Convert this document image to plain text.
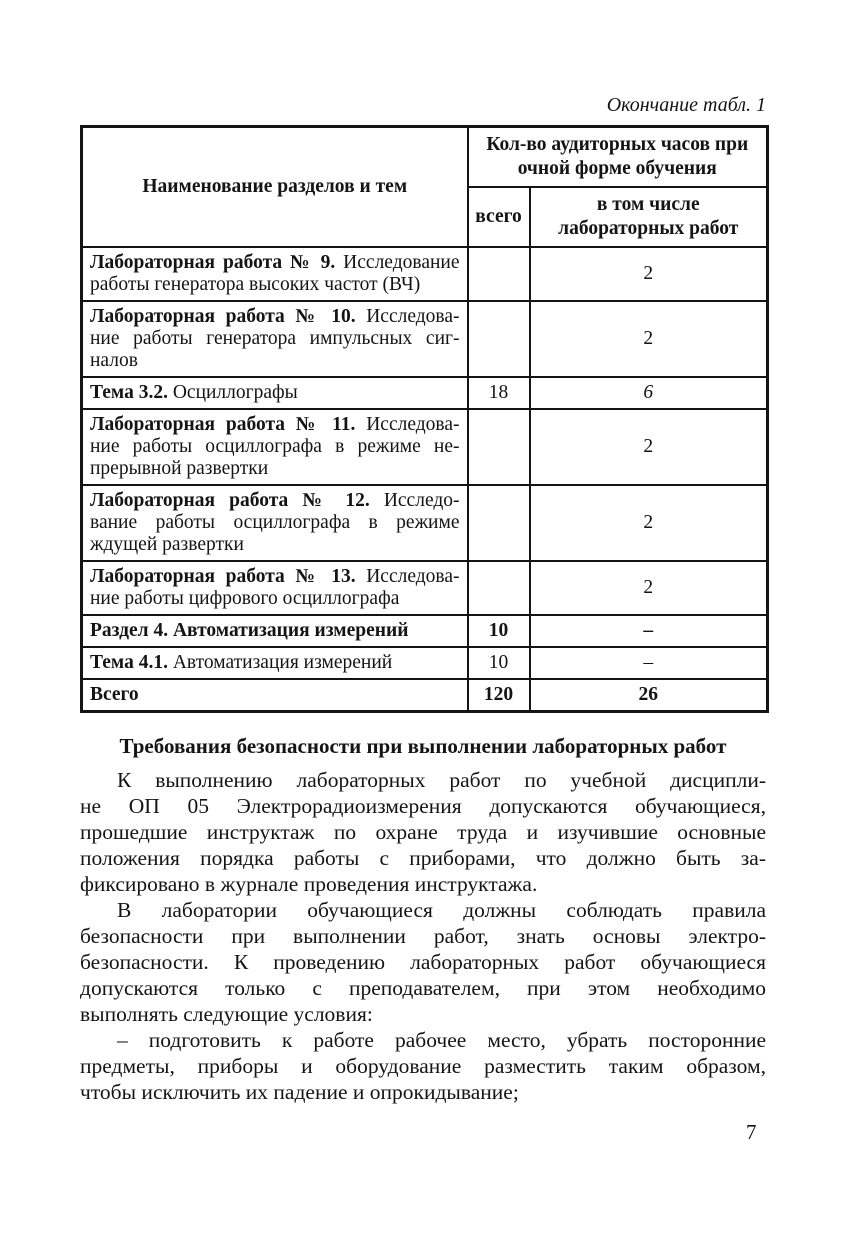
Окончание табл. 1
Наименование разделов и тем	Кол-во аудиторных часов при
очной форме обучения	

	всего	в том числе
лабораторных работ

Лабораторная работа № 9. Исследование
работы генератора высоких частот (ВЧ)		2

Лабораторная работа № 10. Исследова-
ние работы генератора импульсных сиг-
налов		2

Тема 3.2. Осциллографы	18	6

Лабораторная работа № 11. Исследова-
ние работы осциллографа в режиме не-
прерывной развертки		2

Лабораторная работа № 12. Исследо-
вание работы осциллографа в режиме
ждущей развертки		2

Лабораторная работа № 13. Исследова-
ние работы цифрового осциллографа		2

Раздел 4. Автоматизация измерений	10	–

Тема 4.1. Автоматизация измерений	10	–

Всего	120	26
Требования безопасности при выполнении лабораторных работ
К выполнению лабораторных работ по учебной дисципли-
не ОП 05 Электрорадиоизмерения допускаются обучающиеся,
прошедшие инструктаж по охране труда и изучившие основные
положения порядка работы с приборами, что должно быть за-
фиксировано в журнале проведения инструктажа.
В лаборатории обучающиеся должны соблюдать правила
безопасности при выполнении работ, знать основы электро-
безопасности. К проведению лабораторных работ обучающиеся
допускаются только с преподавателем, при этом необходимо
выполнять следующие условия:
– подготовить к работе рабочее место, убрать посторонние
предметы, приборы и оборудование разместить таким образом,
чтобы исключить их падение и опрокидывание;
7
